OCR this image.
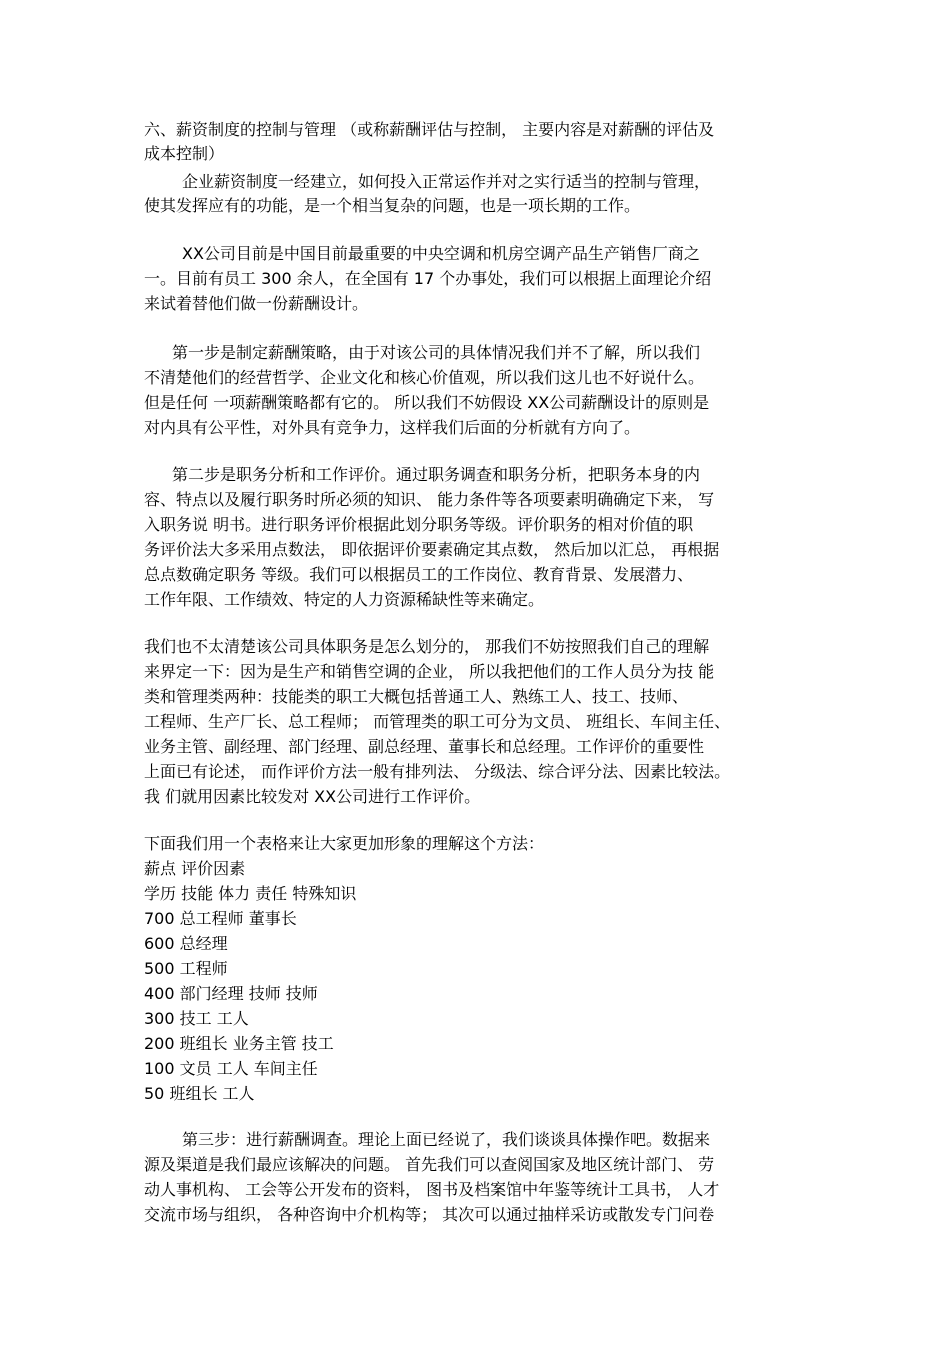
六、薪资制度的控制与管理 （或称薪酬评估与控制， 主要内容是对薪酬的评估及
成本控制）
企业薪资制度一经建立，如何投入正常运作并对之实行适当的控制与管理，
使其发挥应有的功能，是一个相当复杂的问题，也是一项长期的工作。
XX公司目前是中国目前最重要的中央空调和机房空调产品生产销售厂商之
一。目前有员工 300 余人，在全国有 17 个办事处，我们可以根据上面理论介绍
来试着替他们做一份薪酬设计。
第一步是制定薪酬策略，由于对该公司的具体情况我们并不了解，所以我们
不清楚他们的经营哲学、企业文化和核心价值观，所以我们这儿也不好说什么。
但是任何 一项薪酬策略都有它的。 所以我们不妨假设 XX公司薪酬设计的原则是
对内具有公平性，对外具有竞争力，这样我们后面的分析就有方向了。
第二步是职务分析和工作评价。通过职务调查和职务分析，把职务本身的内
容、特点以及履行职务时所必须的知识、 能力条件等各项要素明确确定下来， 写
入职务说 明书。进行职务评价根据此划分职务等级。评价职务的相对价值的职
务评价法大多采用点数法， 即依据评价要素确定其点数， 然后加以汇总， 再根据
总点数确定职务 等级。我们可以根据员工的工作岗位、教育背景、发展潜力、
工作年限、工作绩效、特定的人力资源稀缺性等来确定。
我们也不太清楚该公司具体职务是怎么划分的， 那我们不妨按照我们自己的理解
来界定一下：因为是生产和销售空调的企业， 所以我把他们的工作人员分为技 能
类和管理类两种：技能类的职工大概包括普通工人、熟练工人、技工、技师、
工程师、生产厂长、总工程师； 而管理类的职工可分为文员、 班组长、车间主任、
业务主管、副经理、部门经理、副总经理、董事长和总经理。工作评价的重要性
上面已有论述， 而作评价方法一般有排列法、 分级法、综合评分法、因素比较法。
我 们就用因素比较发对 XX公司进行工作评价。
下面我们用一个表格来让大家更加形象的理解这个方法：
薪点 评价因素
学历 技能 体力 责任 特殊知识
700 总工程师 董事长
600 总经理
500 工程师
400 部门经理 技师 技师
300 技工 工人
200 班组长 业务主管 技工
100 文员 工人 车间主任
50 班组长 工人
第三步：进行薪酬调查。理论上面已经说了，我们谈谈具体操作吧。数据来
源及渠道是我们最应该解决的问题。 首先我们可以查阅国家及地区统计部门、 劳
动人事机构、 工会等公开发布的资料， 图书及档案馆中年鉴等统计工具书， 人才
交流市场与组织， 各种咨询中介机构等； 其次可以通过抽样采访或散发专门问卷
